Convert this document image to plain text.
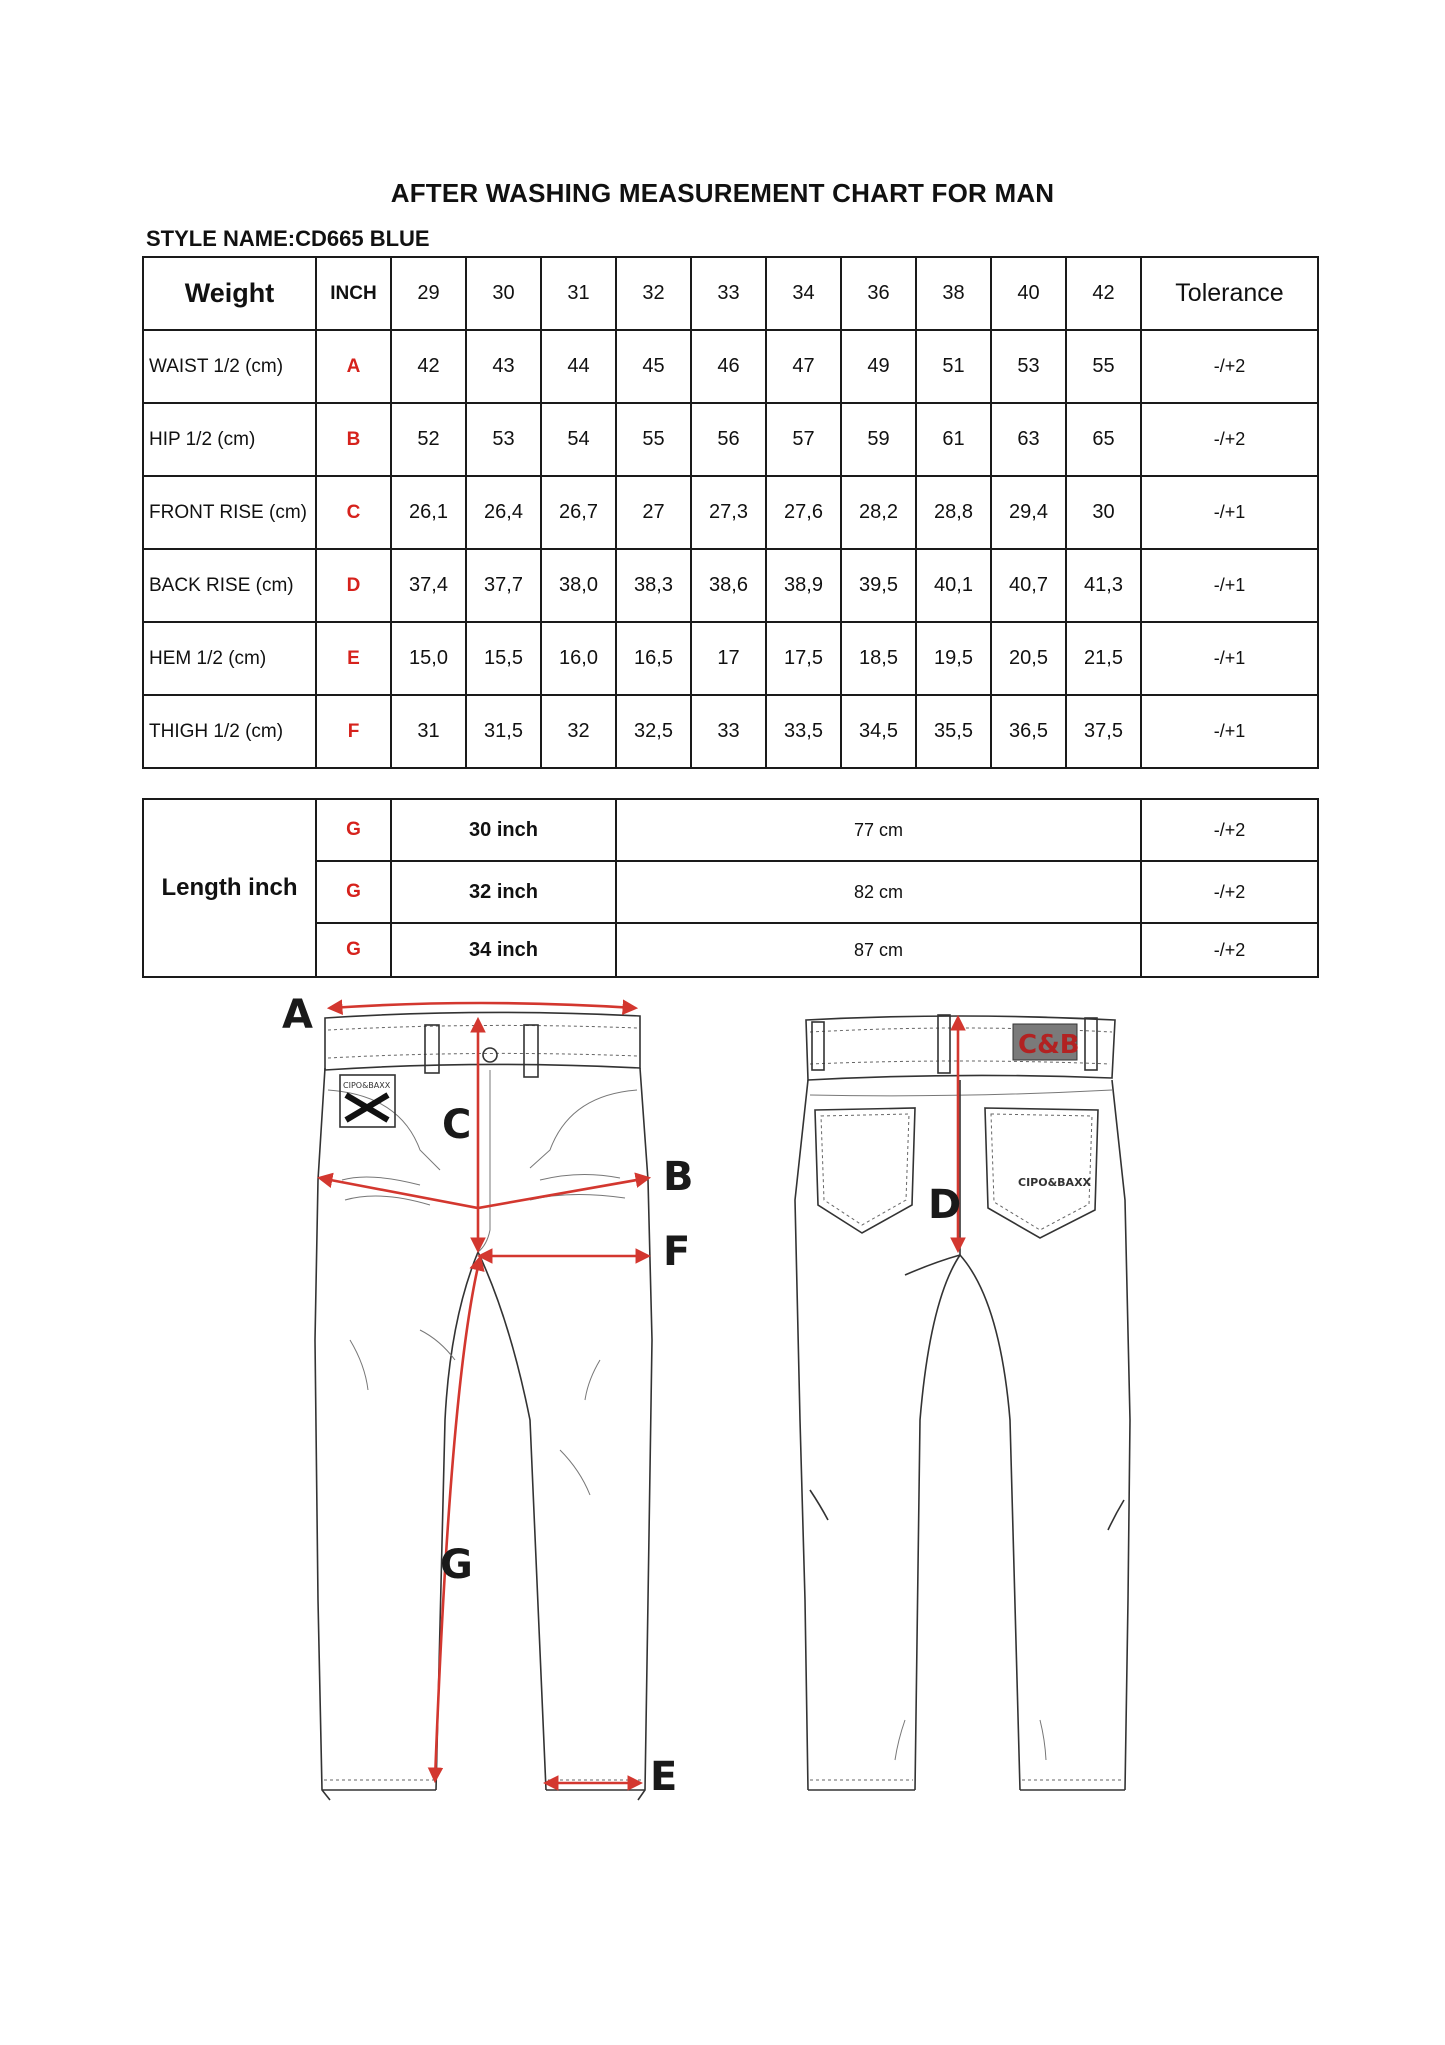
AFTER WASHING MEASUREMENT CHART FOR MAN
STYLE NAME:CD665 BLUE
Weight	INCH	29	30	31	32	33	34	36	38	40	42	Tolerance
WAIST 1/2 (cm)	A	42	43	44	45	46	47	49	51	53	55	-/+2
HIP 1/2 (cm)	B	52	53	54	55	56	57	59	61	63	65	-/+2
FRONT RISE (cm)	C	26,1	26,4	26,7	27	27,3	27,6	28,2	28,8	29,4	30	-/+1
BACK RISE (cm)	D	37,4	37,7	38,0	38,3	38,6	38,9	39,5	40,1	40,7	41,3	-/+1
HEM 1/2 (cm)	E	15,0	15,5	16,0	16,5	17	17,5	18,5	19,5	20,5	21,5	-/+1
THIGH 1/2 (cm)	F	31	31,5	32	32,5	33	33,5	34,5	35,5	36,5	37,5	-/+1
Length inch	G	30 inch	77 cm	-/+2
	G	32 inch	82 cm	-/+2
	G	34 inch	87 cm	-/+2
CIPO&BAXX
C&B
CIPO&BAXX
A
B
C
D
E
F
G
